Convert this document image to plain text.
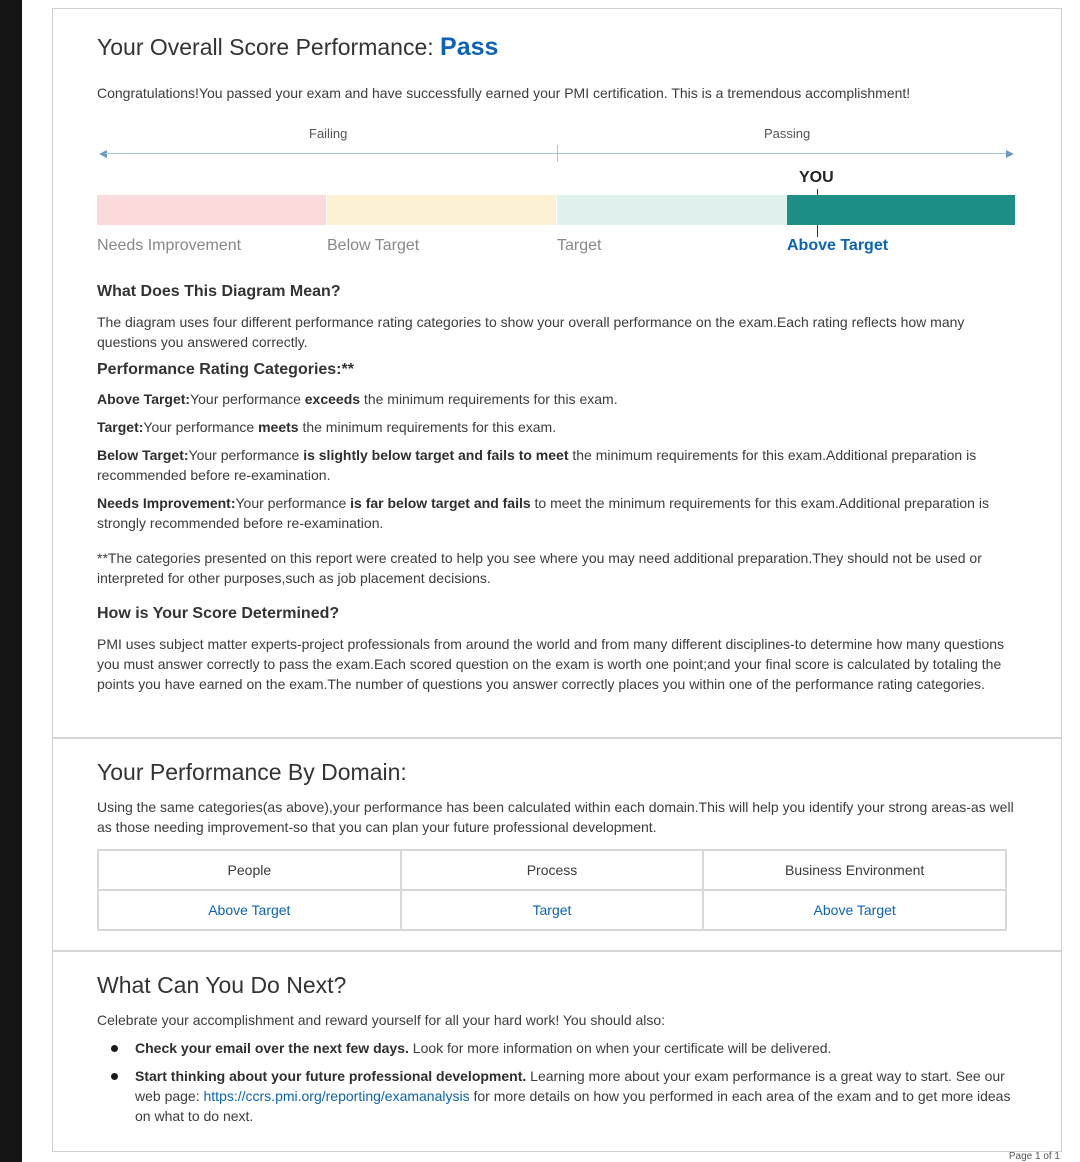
Your Overall Score Performance: Pass
Congratulations!You passed your exam and have successfully earned your PMI certification. This is a tremendous accomplishment!
Failing	Passing
YOU
Needs Improvement	Below Target	Target	Above Target
What Does This Diagram Mean?
The diagram uses four different performance rating categories to show your overall performance on the exam.Each rating reflects how many questions you answered correctly.
Performance Rating Categories:**
Above Target:Your performance exceeds the minimum requirements for this exam.
Target:Your performance meets the minimum requirements for this exam.
Below Target:Your performance is slightly below target and fails to meet the minimum requirements for this exam.Additional preparation is recommended before re-examination.
Needs Improvement:Your performance is far below target and fails to meet the minimum requirements for this exam.Additional preparation is strongly recommended before re-examination.
**The categories presented on this report were created to help you see where you may need additional preparation.They should not be used or interpreted for other purposes,such as job placement decisions.
How is Your Score Determined?
PMI uses subject matter experts-project professionals from around the world and from many different disciplines-to determine how many questions you must answer correctly to pass the exam.Each scored question on the exam is worth one point;and your final score is calculated by totaling the points you have earned on the exam.The number of questions you answer correctly places you within one of the performance rating categories.
Your Performance By Domain:
Using the same categories(as above),your performance has been calculated within each domain.This will help you identify your strong areas-as well as those needing improvement-so that you can plan your future professional development.
People	Process	Business Environment
Above Target	Target	Above Target
What Can You Do Next?
Celebrate your accomplishment and reward yourself for all your hard work! You should also:
Check your email over the next few days. Look for more information on when your certificate will be delivered.
Start thinking about your future professional development. Learning more about your exam performance is a great way to start. See our web page: https://ccrs.pmi.org/reporting/examanalysis for more details on how you performed in each area of the exam and to get more ideas on what to do next.
Page 1 of 1
